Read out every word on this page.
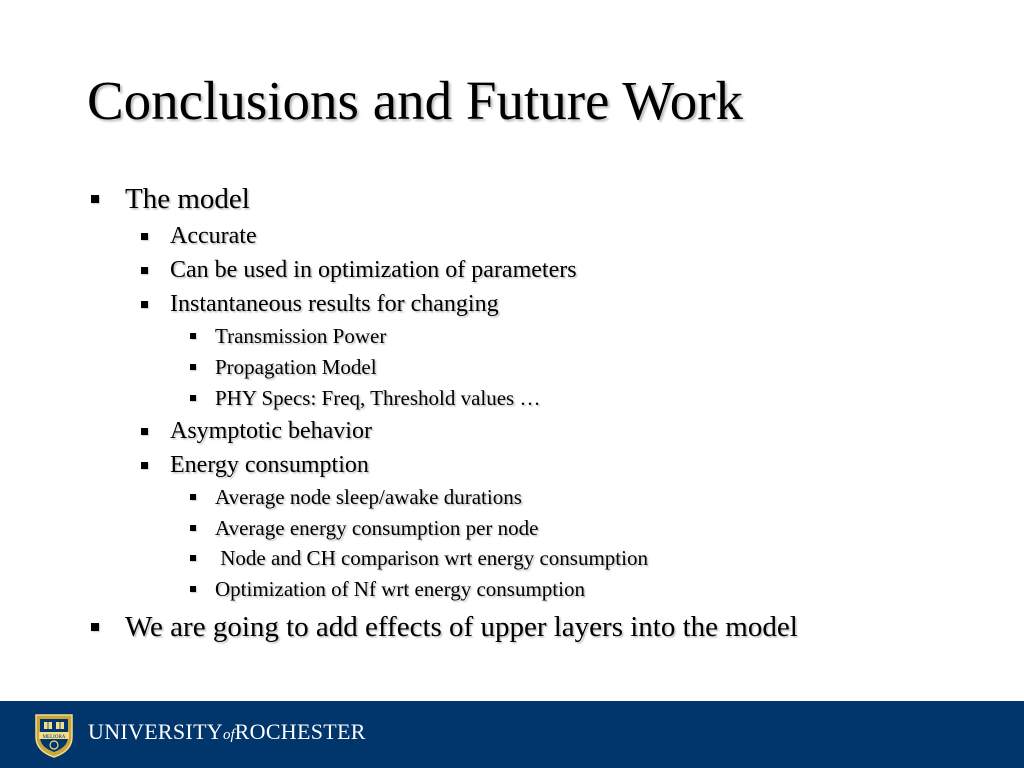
Conclusions and Future Work
The model
Accurate
Can be used in optimization of parameters
Instantaneous results for changing
Transmission Power
Propagation Model
PHY Specs: Freq, Threshold values …
Asymptotic behavior
Energy consumption
Average node sleep/awake durations
Average energy consumption per node
Node and CH comparison wrt energy consumption
Optimization of Nf wrt energy consumption
We are going to add effects of upper layers into the model
MELIORA UNIVERSITYofROCHESTER
